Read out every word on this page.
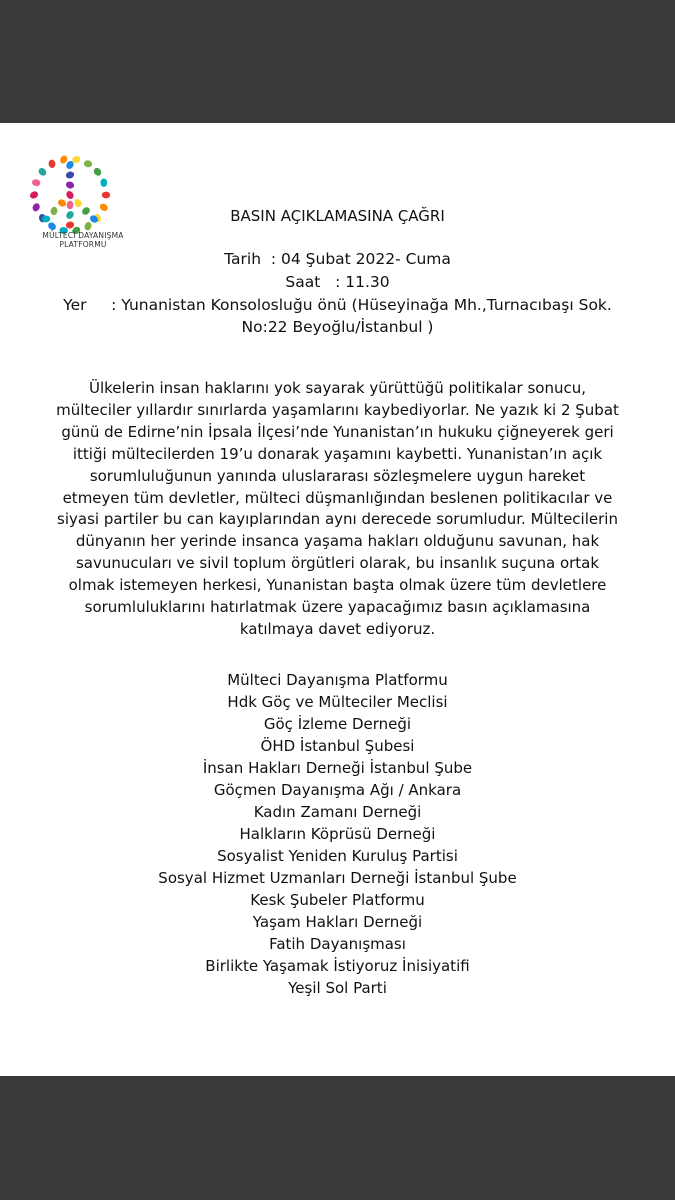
MÜLTECİ DAYANIŞMA
PLATFORMU
BASIN AÇIKLAMASINA ÇAĞRI
Tarih  : 04 Şubat 2022- Cuma
Saat   : 11.30
Yer     : Yunanistan Konsolosluğu önü (Hüseyinağa Mh.,Turnacıbaşı Sok.
No:22 Beyoğlu/İstanbul )
Ülkelerin insan haklarını yok sayarak yürüttüğü politikalar sonucu,
mülteciler yıllardır sınırlarda yaşamlarını kaybediyorlar. Ne yazık ki 2 Şubat
günü de Edirne’nin İpsala İlçesi’nde Yunanistan’ın hukuku çiğneyerek geri
ittiği mültecilerden 19’u donarak yaşamını kaybetti. Yunanistan’ın açık
sorumluluğunun yanında uluslararası sözleşmelere uygun hareket
etmeyen tüm devletler, mülteci düşmanlığından beslenen politikacılar ve
siyasi partiler bu can kayıplarından aynı derecede sorumludur. Mültecilerin
dünyanın her yerinde insanca yaşama hakları olduğunu savunan, hak
savunucuları ve sivil toplum örgütleri olarak, bu insanlık suçuna ortak
olmak istemeyen herkesi, Yunanistan başta olmak üzere tüm devletlere
sorumluluklarını hatırlatmak üzere yapacağımız basın açıklamasına
katılmaya davet ediyoruz.
Mülteci Dayanışma Platformu
Hdk Göç ve Mülteciler Meclisi
Göç İzleme Derneği
ÖHD İstanbul Şubesi
İnsan Hakları Derneği İstanbul Şube
Göçmen Dayanışma Ağı / Ankara
Kadın Zamanı Derneği
Halkların Köprüsü Derneği
Sosyalist Yeniden Kuruluş Partisi
Sosyal Hizmet Uzmanları Derneği İstanbul Şube
Kesk Şubeler Platformu
Yaşam Hakları Derneği
Fatih Dayanışması
Birlikte Yaşamak İstiyoruz İnisiyatifi
Yeşil Sol Parti
